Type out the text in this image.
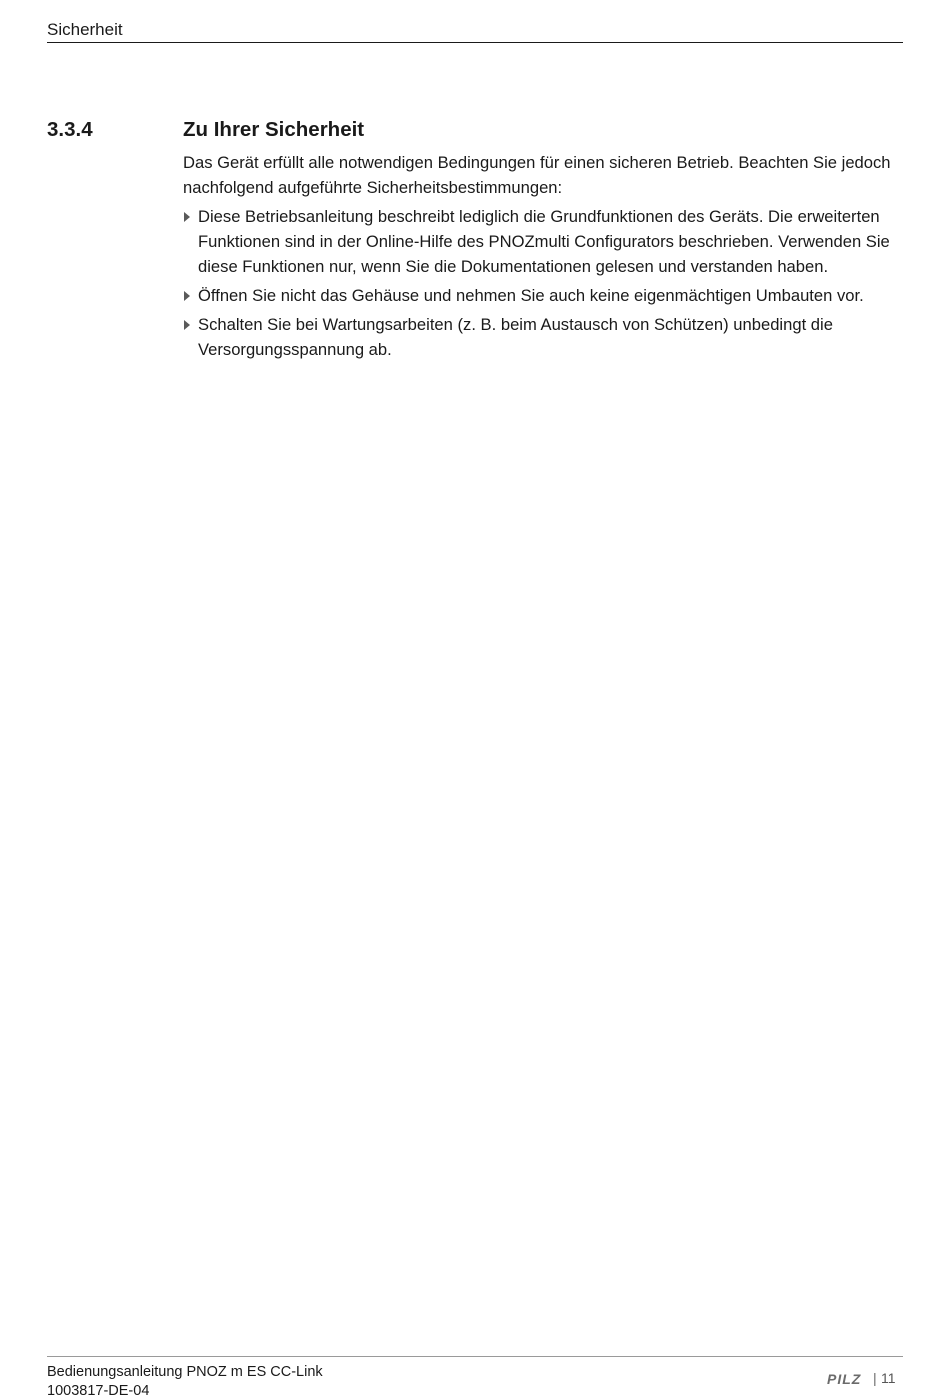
Sicherheit
3.3.4	Zu Ihrer Sicherheit

Das Gerät erfüllt alle notwendigen Bedingungen für einen sicheren Betrieb. Beachten Sie jedoch nachfolgend aufgeführte Sicherheitsbestimmungen:

Diese Betriebsanleitung beschreibt lediglich die Grundfunktionen des Geräts. Die erweiterten Funktionen sind in der Online-Hilfe des PNOZmulti Configurators beschrieben. Verwenden Sie diese Funktionen nur, wenn Sie die Dokumentationen gelesen und verstanden haben.
Öffnen Sie nicht das Gehäuse und nehmen Sie auch keine eigenmächtigen Umbauten vor.
Schalten Sie bei Wartungsarbeiten (z. B. beim Austausch von Schützen) unbedingt die Versorgungsspannung ab.
Bedienungsanleitung PNOZ m ES CC-Link
1003817-DE-04
PILZ | 11
